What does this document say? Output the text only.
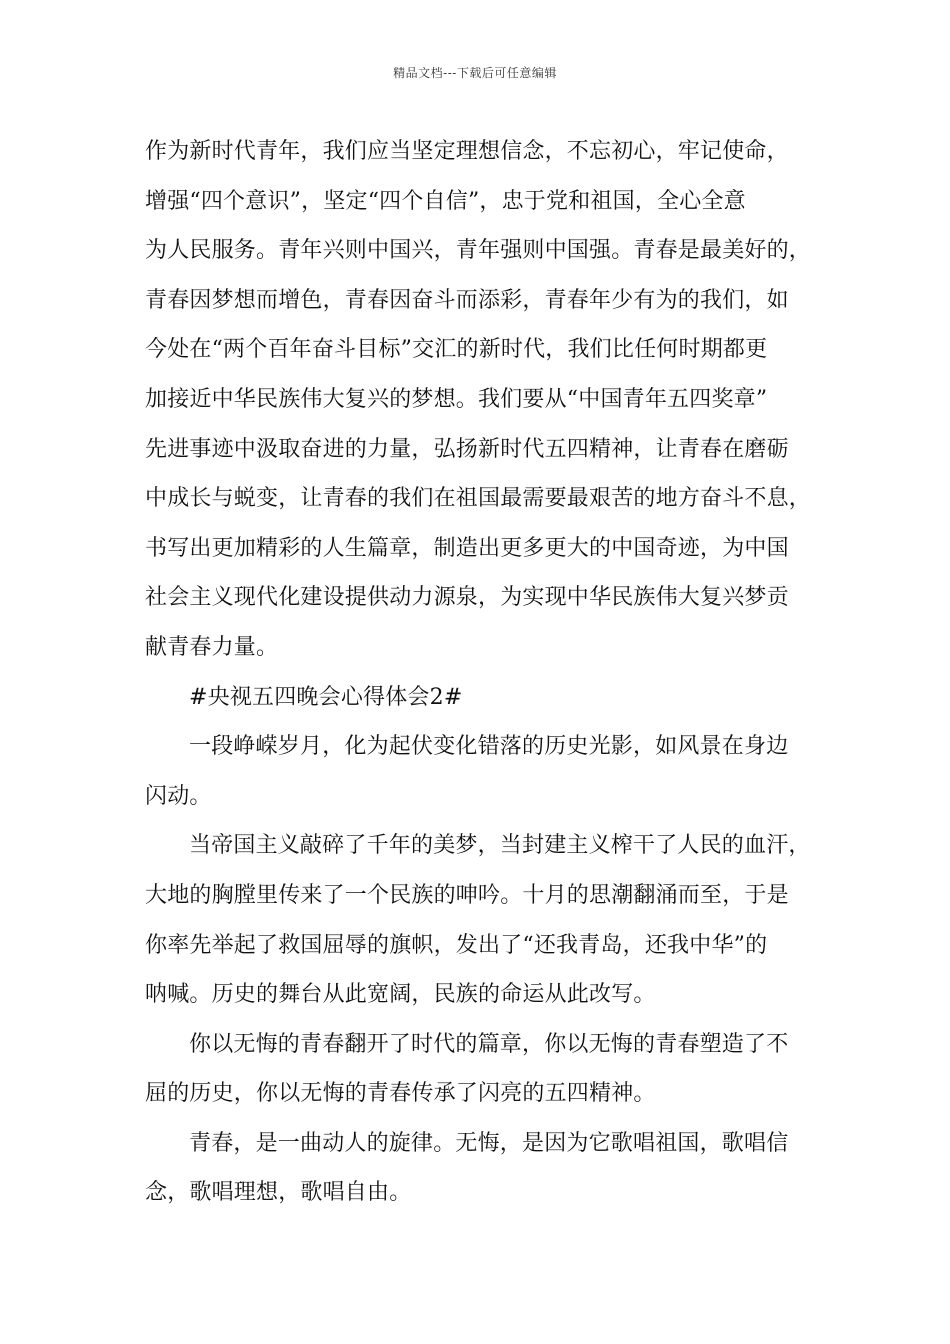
精品文档---下载后可任意编辑
作为新时代青年，我们应当坚定理想信念，不忘初心，牢记使命，
增强“四个意识”，坚定“四个自信”，忠于党和祖国，全心全意
为人民服务。青年兴则中国兴，青年强则中国强。青春是最美好的，
青春因梦想而增色，青春因奋斗而添彩，青春年少有为的我们，如
今处在“两个百年奋斗目标”交汇的新时代，我们比任何时期都更
加接近中华民族伟大复兴的梦想。我们要从“中国青年五四奖章”
先进事迹中汲取奋进的力量，弘扬新时代五四精神，让青春在磨砺
中成长与蜕变，让青春的我们在祖国最需要最艰苦的地方奋斗不息，
书写出更加精彩的人生篇章，制造出更多更大的中国奇迹，为中国
社会主义现代化建设提供动力源泉，为实现中华民族伟大复兴梦贡
献青春力量。
#央视五四晚会心得体会2#
一段峥嵘岁月，化为起伏变化错落的历史光影，如风景在身边
闪动。
当帝国主义敲碎了千年的美梦，当封建主义榨干了人民的血汗，
大地的胸膛里传来了一个民族的呻吟。十月的思潮翻涌而至，于是
你率先举起了救国屈辱的旗帜，发出了“还我青岛，还我中华”的
呐喊。历史的舞台从此宽阔，民族的命运从此改写。
你以无悔的青春翻开了时代的篇章，你以无悔的青春塑造了不
屈的历史，你以无悔的青春传承了闪亮的五四精神。
青春，是一曲动人的旋律。无悔，是因为它歌唱祖国，歌唱信
念，歌唱理想，歌唱自由。
